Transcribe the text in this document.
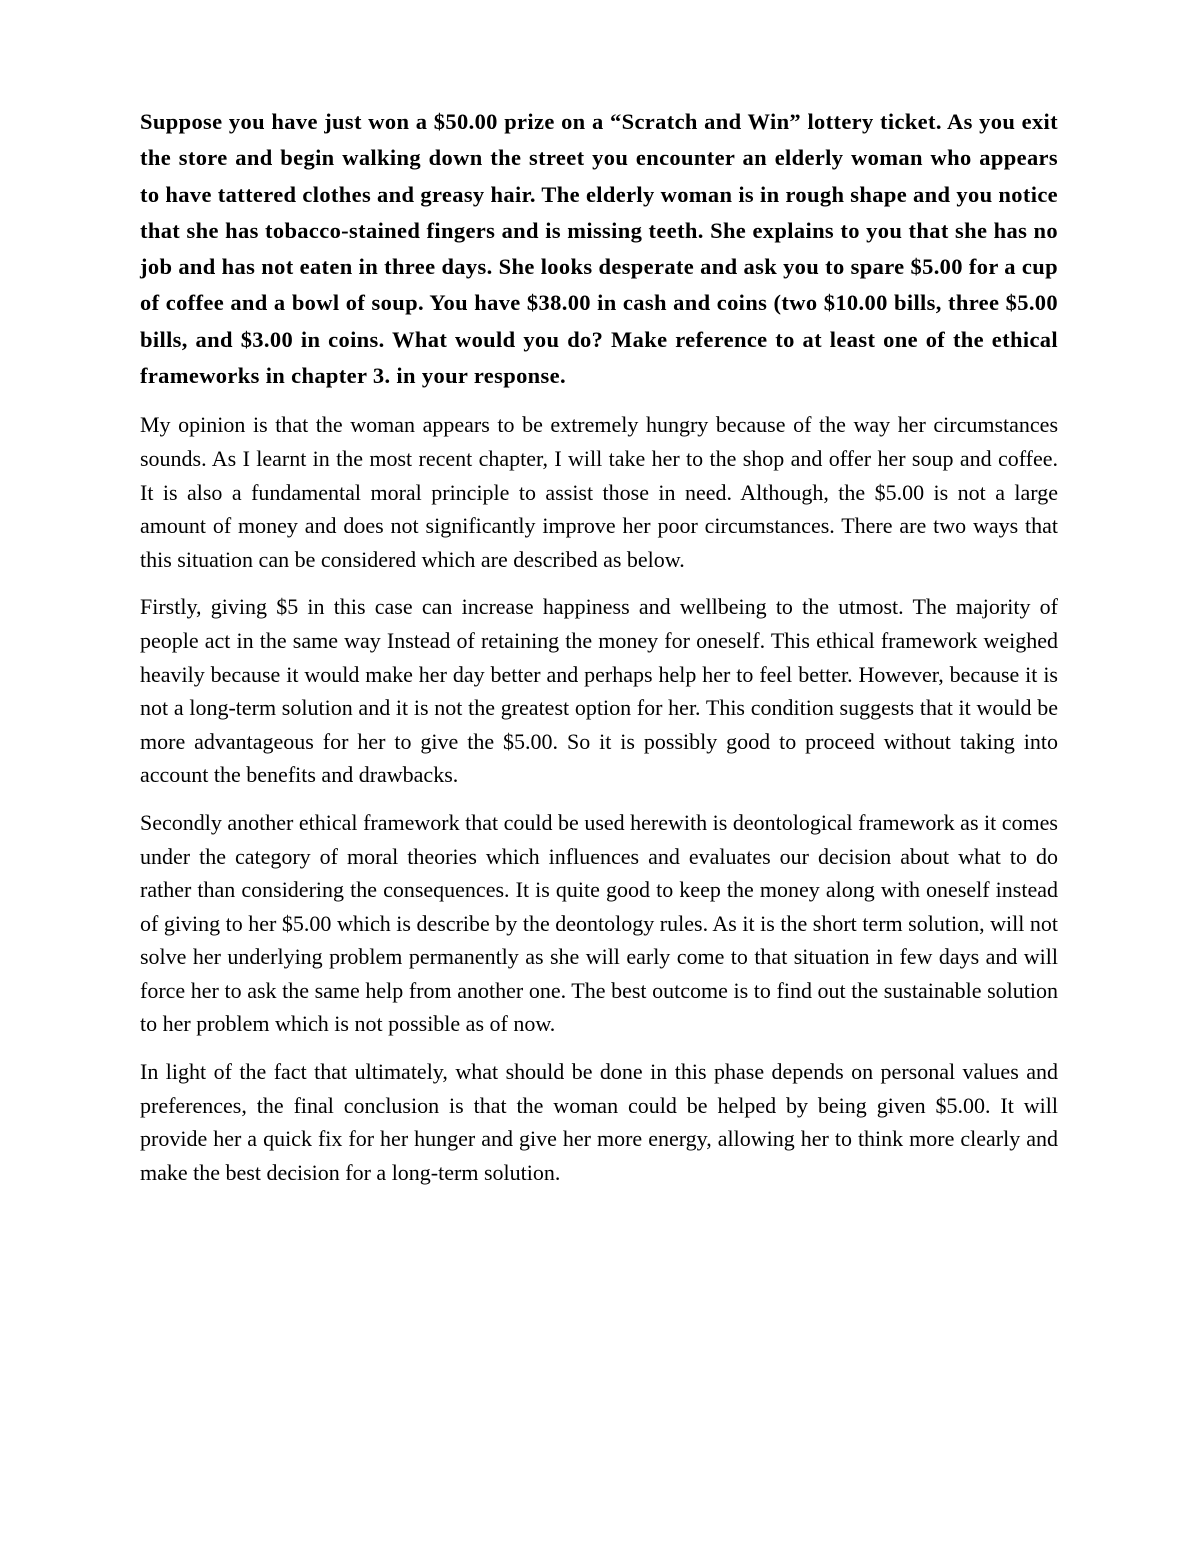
Suppose you have just won a $50.00 prize on a “Scratch and Win” lottery ticket. As you exit the store and begin walking down the street you encounter an elderly woman who appears to have tattered clothes and greasy hair. The elderly woman is in rough shape and you notice that she has tobacco-stained fingers and is missing teeth. She explains to you that she has no job and has not eaten in three days. She looks desperate and ask you to spare $5.00 for a cup of coffee and a bowl of soup. You have $38.00 in cash and coins (two $10.00 bills, three $5.00 bills, and $3.00 in coins. What would you do? Make reference to at least one of the ethical frameworks in chapter 3. in your response.

My opinion is that the woman appears to be extremely hungry because of the way her circumstances sounds. As I learnt in the most recent chapter, I will take her to the shop and offer her soup and coffee. It is also a fundamental moral principle to assist those in need. Although, the $5.00 is not a large amount of money and does not significantly improve her poor circumstances. There are two ways that this situation can be considered which are described as below.

Firstly, giving $5 in this case can increase happiness and wellbeing to the utmost. The majority of people act in the same way Instead of retaining the money for oneself. This ethical framework weighed heavily because it would make her day better and perhaps help her to feel better. However, because it is not a long-term solution and it is not the greatest option for her. This condition suggests that it would be more advantageous for her to give the $5.00. So it is possibly good to proceed without taking into account the benefits and drawbacks.

Secondly another ethical framework that could be used herewith is deontological framework as it comes under the category of moral theories which influences and evaluates our decision about what to do rather than considering the consequences. It is quite good to keep the money along with oneself instead of giving to her $5.00 which is describe by the deontology rules. As it is the short term solution, will not solve her underlying problem permanently as she will early come to that situation in few days and will force her to ask the same help from another one. The best outcome is to find out the sustainable solution to her problem which is not possible as of now.

In light of the fact that ultimately, what should be done in this phase depends on personal values and preferences, the final conclusion is that the woman could be helped by being given $5.00. It will provide her a quick fix for her hunger and give her more energy, allowing her to think more clearly and make the best decision for a long-term solution.
